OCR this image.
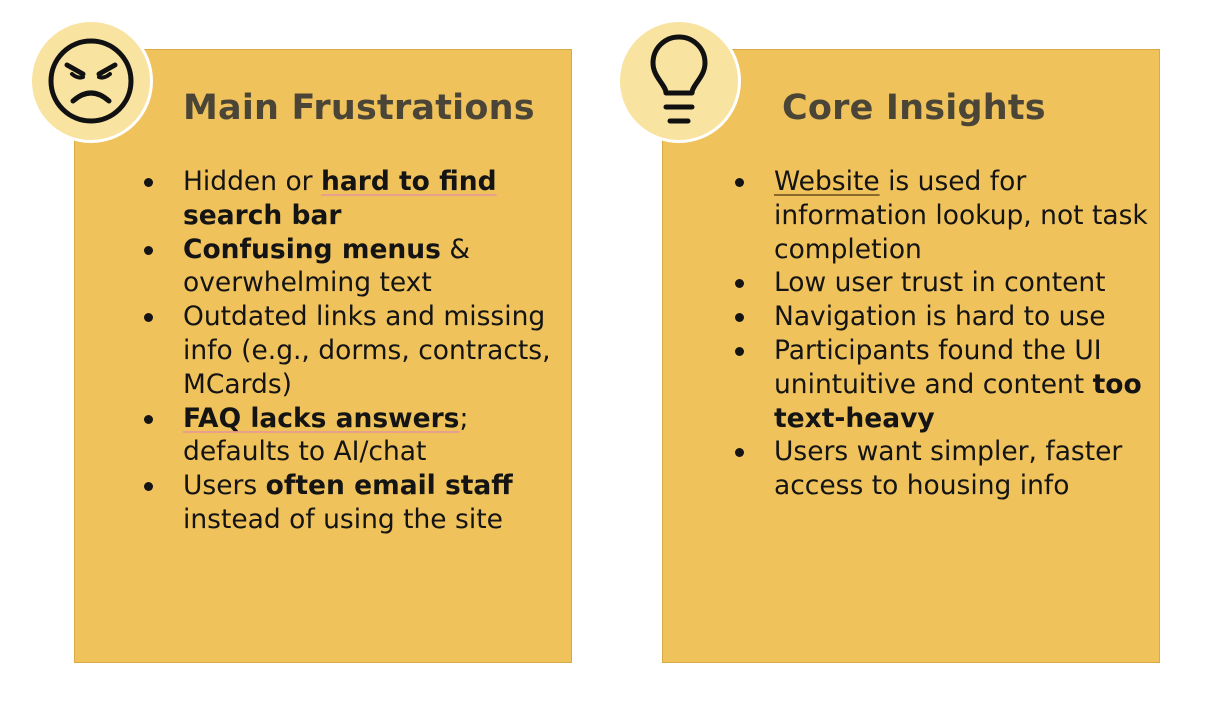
Main Frustrations	Core Insights
Hidden or hard to find search bar
Confusing menus & overwhelming text
Outdated links and missing info (e.g., dorms, contracts, MCards)
FAQ lacks answers; defaults to AI/chat
Users often email staff instead of using the site
Website is used for information lookup, not task completion
Low user trust in content
Navigation is hard to use
Participants found the UI unintuitive and content too text-heavy
Users want simpler, faster access to housing info
